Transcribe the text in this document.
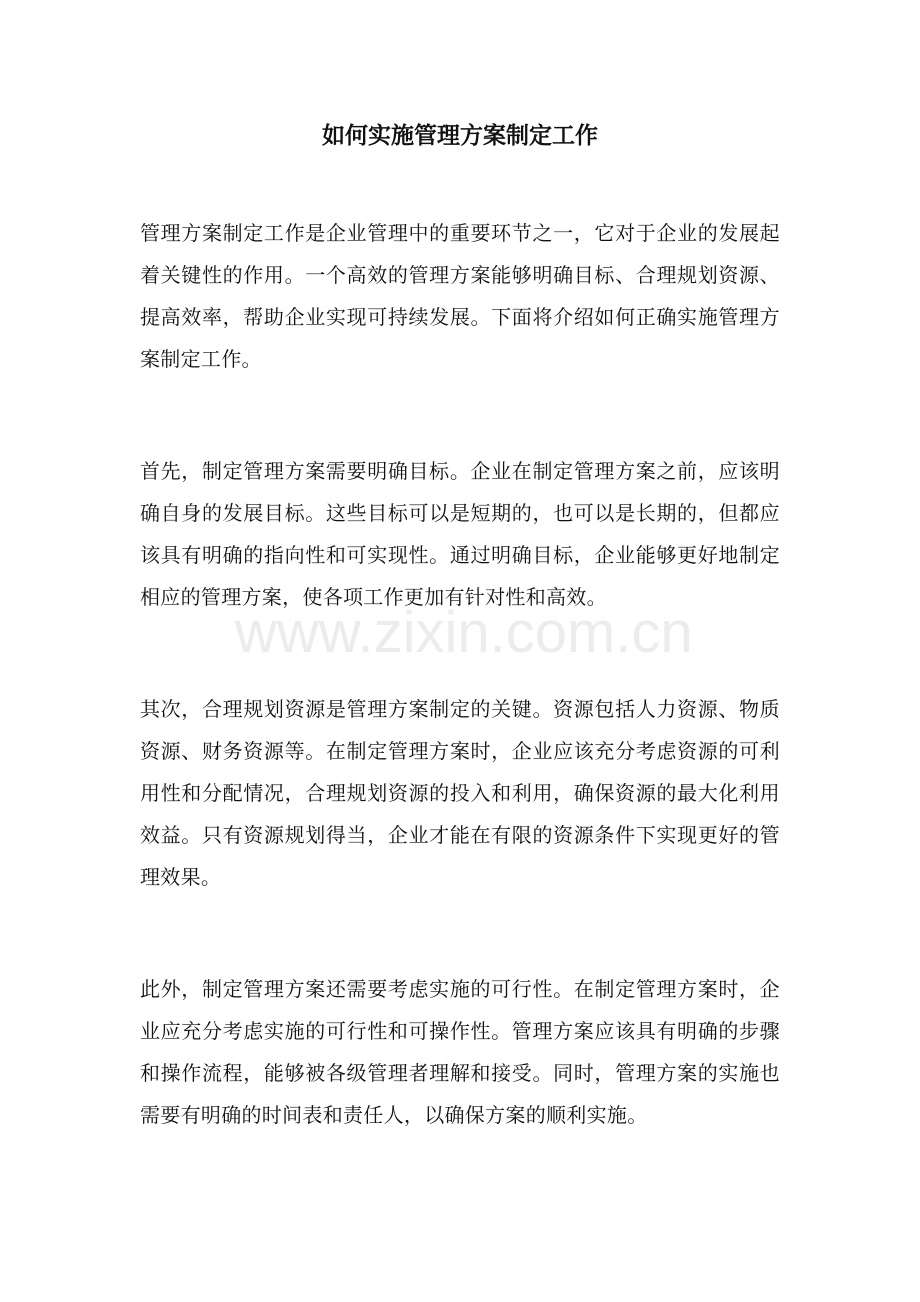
如何实施管理方案制定工作

管理方案制定工作是企业管理中的重要环节之一，它对于企业的发展起着关键性的作用。一个高效的管理方案能够明确目标、合理规划资源、提高效率，帮助企业实现可持续发展。下面将介绍如何正确实施管理方案制定工作。

首先，制定管理方案需要明确目标。企业在制定管理方案之前，应该明确自身的发展目标。这些目标可以是短期的，也可以是长期的，但都应该具有明确的指向性和可实现性。通过明确目标，企业能够更好地制定相应的管理方案，使各项工作更加有针对性和高效。

其次，合理规划资源是管理方案制定的关键。资源包括人力资源、物质资源、财务资源等。在制定管理方案时，企业应该充分考虑资源的可利用性和分配情况，合理规划资源的投入和利用，确保资源的最大化利用效益。只有资源规划得当，企业才能在有限的资源条件下实现更好的管理效果。

此外，制定管理方案还需要考虑实施的可行性。在制定管理方案时，企业应充分考虑实施的可行性和可操作性。管理方案应该具有明确的步骤和操作流程，能够被各级管理者理解和接受。同时，管理方案的实施也需要有明确的时间表和责任人，以确保方案的顺利实施。

www.zixin.com.cn
